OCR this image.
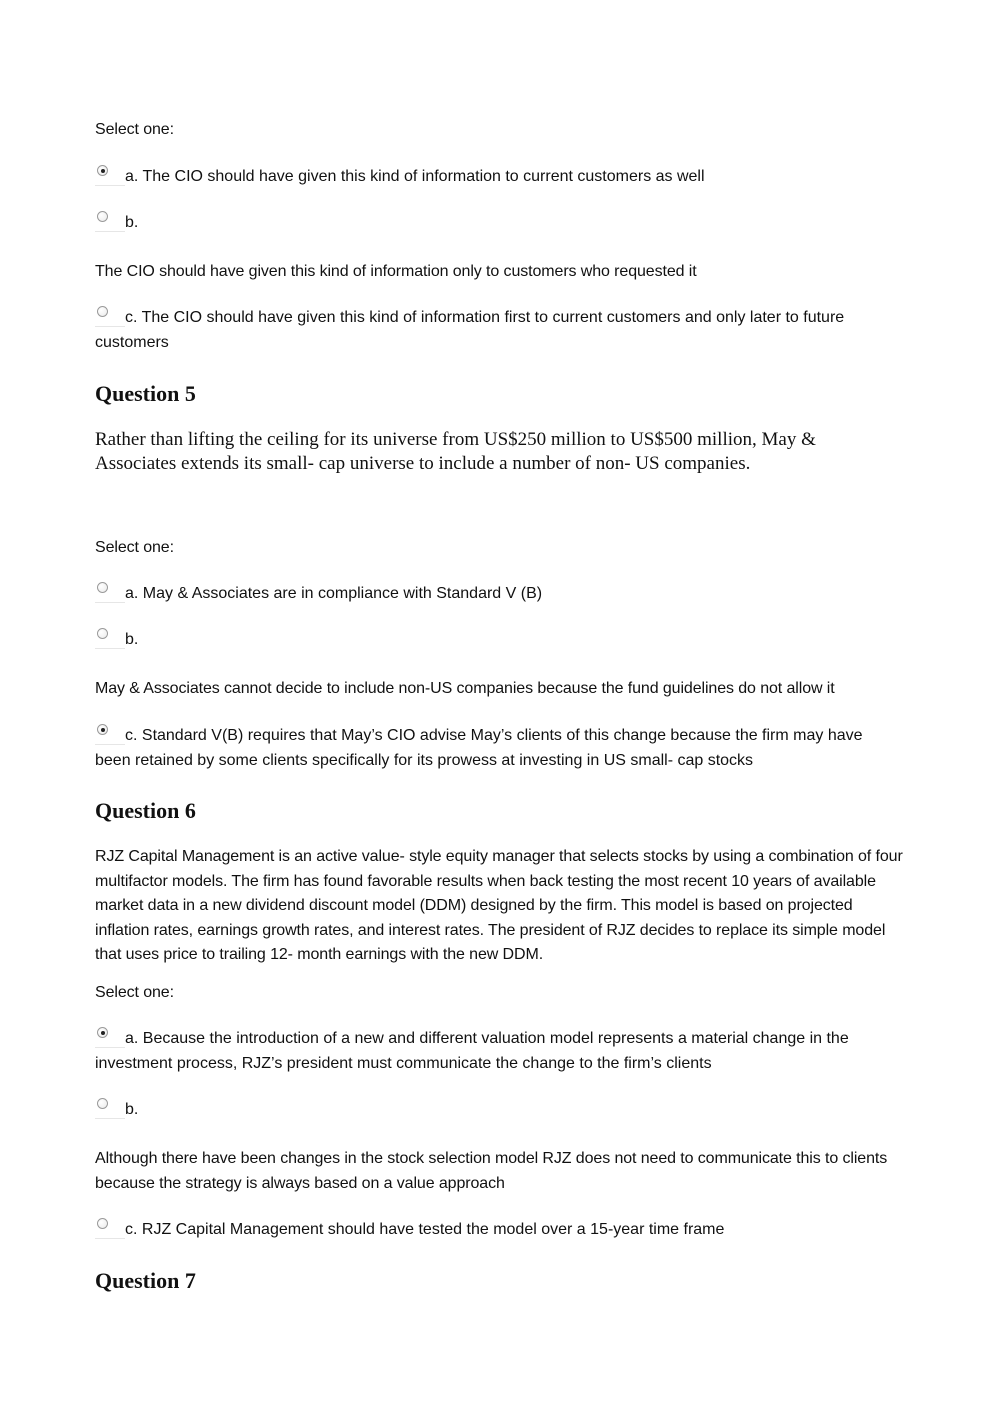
Select one:
a. The CIO should have given this kind of information to current customers as well
b.
The CIO should have given this kind of information only to customers who requested it
c. The CIO should have given this kind of information first to current customers and only later to future
customers
Question 5
Rather than lifting the ceiling for its universe from US$250 million to US$500 million, May & Associates extends its small- cap universe to include a number of non- US companies.
Select one:
a. May & Associates are in compliance with Standard V (B)
b.
May & Associates cannot decide to include non-US companies because the fund guidelines do not allow it
c. Standard V(B) requires that May’s CIO advise May’s clients of this change because the firm may have
been retained by some clients specifically for its prowess at investing in US small- cap stocks
Question 6
RJZ Capital Management is an active value- style equity manager that selects stocks by using a combination of four multifactor models. The firm has found favorable results when back testing the most recent 10 years of available market data in a new dividend discount model (DDM) designed by the firm. This model is based on projected inflation rates, earnings growth rates, and interest rates. The president of RJZ decides to replace its simple model that uses price to trailing 12- month earnings with the new DDM.
Select one:
a. Because the introduction of a new and different valuation model represents a material change in the
investment process, RJZ’s president must communicate the change to the firm’s clients
b.
Although there have been changes in the stock selection model RJZ does not need to communicate this to clients because the strategy is always based on a value approach
c. RJZ Capital Management should have tested the model over a 15-year time frame
Question 7
